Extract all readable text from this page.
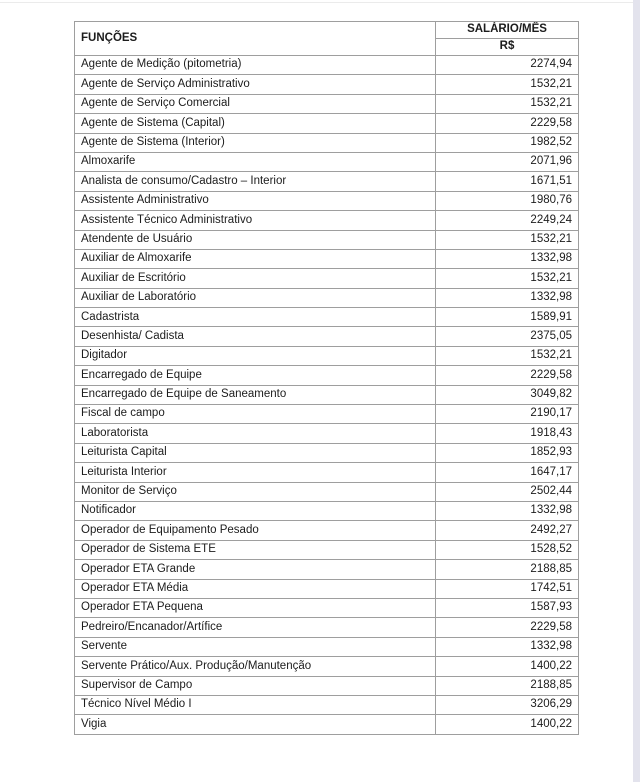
FUNÇÕES	SALÁRIO/MÊS
	R$
Agente de Medição (pitometria)	2274,94
Agente de Serviço Administrativo	1532,21
Agente de Serviço Comercial	1532,21
Agente de Sistema (Capital)	2229,58
Agente de Sistema (Interior)	1982,52
Almoxarife	2071,96
Analista de consumo/Cadastro – Interior	1671,51
Assistente Administrativo	1980,76
Assistente Técnico Administrativo	2249,24
Atendente de Usuário	1532,21
Auxiliar de Almoxarife	1332,98
Auxiliar de Escritório	1532,21
Auxiliar de Laboratório	1332,98
Cadastrista	1589,91
Desenhista/ Cadista	2375,05
Digitador	1532,21
Encarregado de Equipe	2229,58
Encarregado de Equipe de Saneamento	3049,82
Fiscal de campo	2190,17
Laboratorista	1918,43
Leiturista Capital	1852,93
Leiturista Interior	1647,17
Monitor de Serviço	2502,44
Notificador	1332,98
Operador de Equipamento Pesado	2492,27
Operador de Sistema ETE	1528,52
Operador ETA Grande	2188,85
Operador ETA Média	1742,51
Operador ETA Pequena	1587,93
Pedreiro/Encanador/Artífice	2229,58
Servente	1332,98
Servente Prático/Aux. Produção/Manutenção	1400,22
Supervisor de Campo	2188,85
Técnico Nível Médio I	3206,29
Vigia	1400,22
